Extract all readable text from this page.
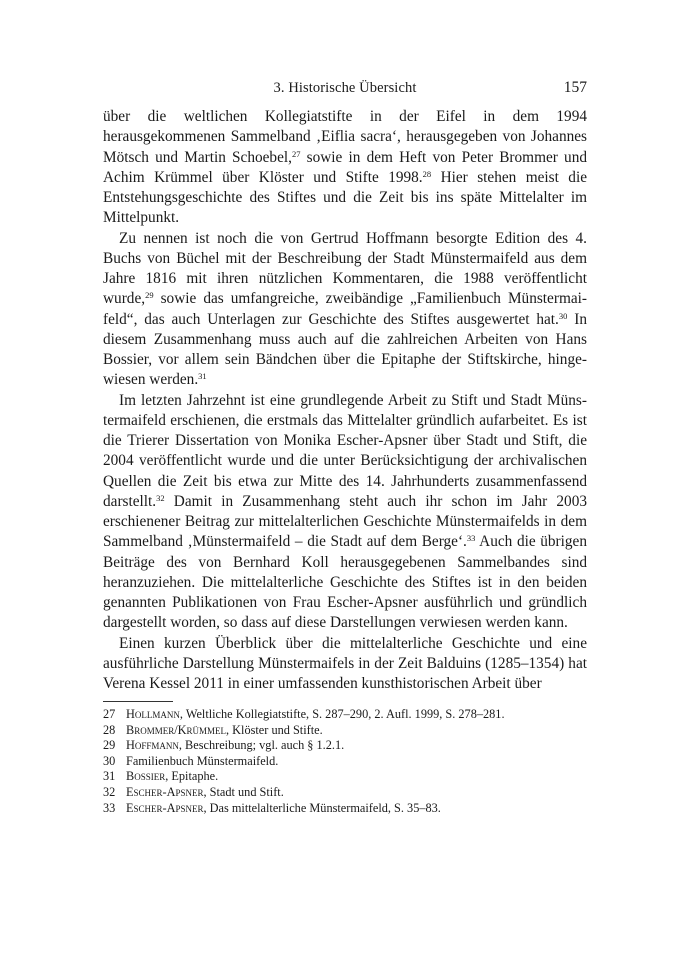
3. Historische Übersicht	157

über die weltlichen Kollegiatstifte in der Eifel in dem 1994 herausgekommenen Sammelband ‚Eiflia sacra‘, herausgegeben von Johannes Mötsch und Martin Schoebel,$^{27}$ sowie in dem Heft von Peter Brommer und Achim Krümmel über Klöster und Stifte 1998.28 Hier stehen meist die Entstehungsgeschichte des Stiftes und die Zeit bis ins späte Mittelalter im Mittelpunkt.

Zu nennen ist noch die von Gertrud Hoffmann besorgte Edition des 4. Buchs von Büchel mit der Beschreibung der Stadt Münstermaifeld aus dem Jahre 1816 mit ihren nützlichen Kommentaren, die 1988 veröffentlicht wurde,$^{29}$ sowie das umfangreiche, zweibändige „Familienbuch Münstermaifeld“, das auch Unterlagen zur Geschichte des Stiftes ausgewertet hat.$^{30}$ In diesem Zusammenhang muss auch auf die zahlreichen Arbeiten von Hans Bossier, vor allem sein Bändchen über die Epitaphe der Stiftskirche, hingewiesen werden.$^{31}$

Im letzten Jahrzehnt ist eine grundlegende Arbeit zu Stift und Stadt Münstermaifeld erschienen, die erstmals das Mittelalter gründlich aufarbeitet. Es ist die Trierer Dissertation von Monika Escher-Apsner über Stadt und Stift, die 2004 veröffentlicht wurde und die unter Berücksichtigung der archivalischen Quellen die Zeit bis etwa zur Mitte des 14. Jahrhunderts zusammenfassend darstellt.$^{32}$ Damit in Zusammenhang steht auch ihr schon im Jahr 2003 erschienener Beitrag zur mittelalterlichen Geschichte Münstermaifelds in dem Sammelband ‚Münstermaifeld – die Stadt auf dem Berge‘.$^{33}$ Auch die übrigen Beiträge des von Bernhard Koll herausgegebenen Sammelbandes sind heranzuziehen. Die mittelalterliche Geschichte des Stiftes ist in den beiden genannten Publikationen von Frau Escher-Apsner ausführlich und gründlich dargestellt worden, so dass auf diese Darstellungen verwiesen werden kann.

Einen kurzen Überblick über die mittelalterliche Geschichte und eine ausführliche Darstellung Münstermaifels in der Zeit Balduins (1285–1354) hat Verena Kessel 2011 in einer umfassenden kunsthistorischen Arbeit über

27 Hollmann, Weltliche Kollegiatstifte, S. 287–290, 2. Aufl. 1999, S. 278–281.
28 Brommer/Krümmel, Klöster und Stifte.
29 Hoffmann, Beschreibung; vgl. auch § 1.2.1.
30 Familienbuch Münstermaifeld.
31 Bossier, Epitaphe.
32 Escher-Apsner, Stadt und Stift.
33 Escher-Apsner, Das mittelalterliche Münstermaifeld, S. 35–83.
